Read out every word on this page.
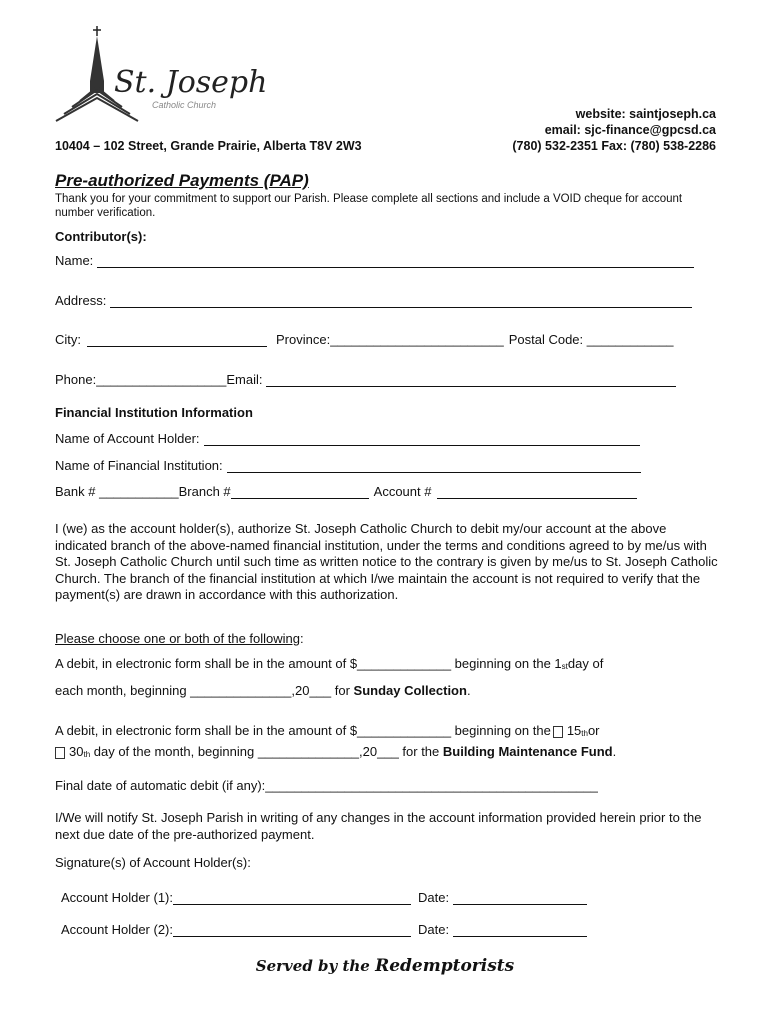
St. Joseph
Catholic Church
10404 – 102 Street, Grande Prairie, Alberta T8V 2W3
website: saintjoseph.ca
email: sjc-finance@gpcsd.ca
(780) 532-2351 Fax: (780) 538-2286
Pre-authorized Payments (PAP)
Thank you for your commitment to support our Parish. Please complete all sections and include a VOID cheque for account number verification.
Contributor(s):
Name:
Address:
City:	Province:________________________ Postal Code: ____________
Phone:__________________ Email:
Financial Institution Information
Name of Account Holder:
Name of Financial Institution:
Bank # ___________Branch #	Account #
I (we) as the account holder(s), authorize St. Joseph Catholic Church to debit my/our account at the above indicated branch of the above-named financial institution, under the terms and conditions agreed to by me/us with St. Joseph Catholic Church until such time as written notice to the contrary is given by me/us to St. Joseph Catholic Church. The branch of the financial institution at which I/we maintain the account is not required to verify that the payment(s) are drawn in accordance with this authorization.
Please choose one or both of the following :
A debit, in electronic form shall be in the amount of $_____________ beginning on the $1_{st}$ day of
each month, beginning ______________,20___ for Sunday Collection .
A debit, in electronic form shall be in the amount of $_____________ beginning on the $15_{th}$ or
$30_{th}$ day of the month, beginning ______________,20___ for the Building Maintenance Fund .
Final date of automatic debit (if any):______________________________________________
I/We will notify St. Joseph Parish in writing of any changes in the account information provided herein prior to the next due date of the pre-authorized payment.
Signature(s) of Account Holder(s):
Account Holder (1):	Date:
Account Holder (2):	Date:
Served by the Redemptorists
